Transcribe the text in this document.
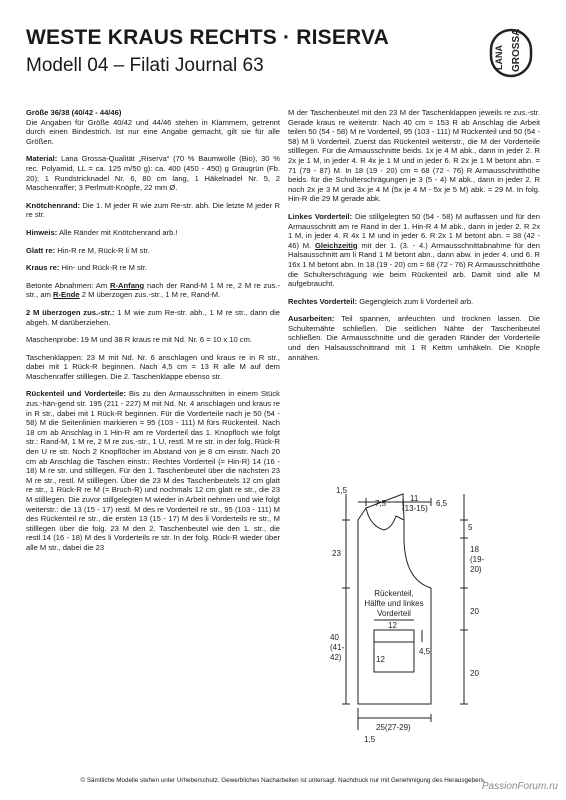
WESTE KRAUS RECHTS · RISERVA
Modell 04 – Filati Journal 63	LANA GROSSA

Größe 36/38 (40/42 - 44/46)
Die Angaben für Größe 40/42 und 44/46 stehen in Klammern, getrennt durch einen Bindestrich. Ist nur eine Angabe gemacht, gilt sie für alle Größen.

Material: Lana Grossa-Qualität „Riserva“ (70 % Baumwolle (Bio), 30 % rec. Polyamid, LL = ca. 125 m/50 g): ca. 400 (450 - 450) g Graugrün (Fb. 20); 1 Rundstricknadel Nr. 6, 80 cm lang, 1 Häkelnadel Nr. 5, 2 Maschenraffer; 3 Perlmutt-Knöpfe, 22 mm Ø.

Knötchenrand: Die 1. M jeder R wie zum Re-str. abh. Die letzte M jeder R re str.

Hinweis: Alle Ränder mit Knötchenrand arb.!

Glatt re: Hin-R re M, Rück-R li M str.

Kraus re: Hin- und Rück-R re M str.

Betonte Abnahmen: Am R-Anfang nach der Rand-M 1 M re, 2 M re zus.-str., am R-Ende 2 M überzogen zus.-str., 1 M re, Rand-M.

2 M überzogen zus.-str.: 1 M wie zum Re-str. abh., 1 M re str., dann die abgeh. M darüberziehen.

Maschenprobe: 19 M und 38 R kraus re mit Nd. Nr. 6 = 10 x 10 cm.

Taschenklappen: 23 M mit Nd. Nr. 6 anschlagen und kraus re in R str., dabei mit 1 Rück-R beginnen. Nach 4,5 cm = 13 R alle M auf dem Maschenraffer stilllegen. Die 2. Taschenklappe ebenso str.

Rückenteil und Vorderteile: Bis zu den Armausschnitten in einem Stück zus.-hän-gend str. 195 (211 - 227) M mit Nd. Nr. 4 anschlagen und kraus re in R str., dabei mit 1 Rück-R beginnen. Für die Vorderteile nach je 50 (54 - 58) M die Seitenlinien markieren = 95 (103 - 111) M fürs Rückenteil. Nach 18 cm ab Anschlag in 1 Hin-R am re Vorderteil das 1. Knopfloch wie folgt str.: Rand-M, 1 M re, 2 M re zus.-str., 1 U, restl. M re str. in der folg. Rück-R den U re str. Noch 2 Knopflöcher im Abstand von je 8 cm einstr. Nach 20 cm ab Anschlag die Taschen einstr.: Rechtes Vorderteil (= Hin-R) 14 (16 - 18) M re str. und stilllegen. Für den 1. Taschenbeutel über die nächsten 23 M re str., restl. M stilllegen. Über die 23 M des Taschenbeutels 12 cm glatt re str., 1 Rück-R re M (= Bruch-R) und nochmals 12 cm glatt re str., die 23 M stilllegen. Die zuvor stillgelegten M wieder in Arbeit nehmen und wie folgt weiterstr.: die 13 (15 - 17) restl. M des re Vorderteil re str., 95 (103 - 111) M des Rückenteil re str., die ersten 13 (15 - 17) M des li Vorderteils re str., M stilllegen über die folg. 23 M den 2. Taschenbeutel wie den 1. str., die restl.14 (16 - 18) M des li Vorderteils re str. In der folg. Rück-R wieder über alle M str., dabei die 23

M der Taschenbeutel mit den 23 M der Taschenklappen jeweils re zus.-str. Gerade kraus re weiterstr. Nach 40 cm = 153 R ab Anschlag die Arbeit teilen 50 (54 - 58) M re Vorderteil, 95 (103 - 111) M Rückenteil und 50 (54 - 58) M li Vorderteil. Zuerst das Rückenteil weiterstr., die M der Vorderteile stilllegen. Für die Armausschnitte beids. 1x je 4 M abk., dann in jeder 2. R 2x je 1 M, in jeder 4. R 4x je 1 M und in jeder 6. R 2x je 1 M betont abn. = 71 (79 - 87) M. In 18 (19 - 20) cm = 68 (72 - 76) R Armausschnitthöhe beids. für die Schulterschrägungen je 3 (5 - 4) M abk., dann in jeder 2. R noch 2x je 3 M und 3x je 4 M (5x je 4 M - 5x je 5 M) abk. = 29 M. In folg. Hin-R die 29 M gerade abk.

Linkes Vorderteil: Die stillgelegten 50 (54 - 58) M auffassen und für den Armausschnitt am re Rand in der 1. Hin-R 4 M abk., dann in jeder 2. R 2x 1 M, in jeder 4. R 4x 1 M und in jeder 6. R 2x 1 M betont abn. = 38 (42 - 46) M. Gleichzeitig mit der 1. (3. - 4.) Armausschnittabnahme für den Halsausschnitt am li Rand 1 M betont abn., dann abw. in jeder 4. und 6. R 16x 1 M betont abn. In 18 (19 - 20) cm = 68 (72 - 76) R Armausschnitthöhe die Schulterschrägung wie beim Rückenteil arb. Damit sind alle M aufgebraucht.

Rechtes Vorderteil: Gegengleich zum li Vorderteil arb.

Ausarbeiten: Teil spannen, anfeuchten und trocknen lassen. Die Schulternähte schließen. Die seitlichen Nähte der Taschenbeutel schließen. Die Armausschnitte und die geraden Ränder der Vorderteile und den Halsausschnittrand mit 1 R Kettm umhäkeln. Die Knöpfe annähen.

1,5
7,5
11
(13-15)
6,5
5
23	18
(19-
20)
Rückenteil,
Hälfte und linkes
Vorderteil
12
12
4,5
40
(41-
42)
20
20
25(27-29)
1,5
© Sämtliche Modelle stehen unter Urheberschutz. Gewerbliches Nacharbeiten ist untersagt. Nachdruck nur mit Genehmigung des Herausgebers.
PassionForum.ru
